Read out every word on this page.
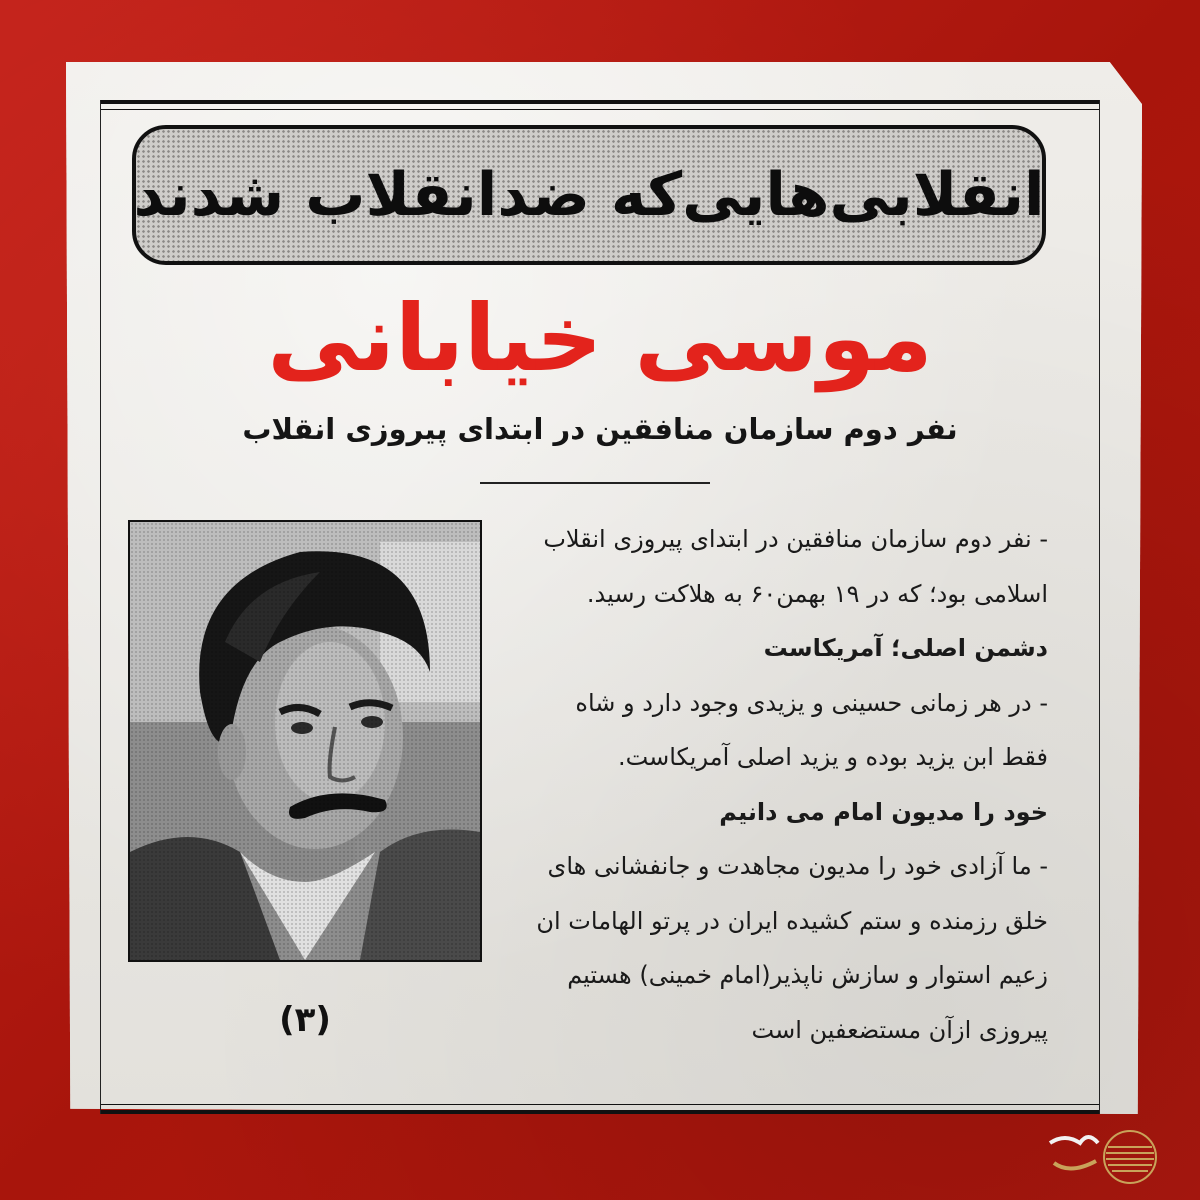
انقلابی‌هایی‌که ضدانقلاب شدند
موسی خیابانی
نفر دوم سازمان منافقین در ابتدای پیروزی انقلاب
- نفر دوم سازمان منافقین در ابتدای پیروزی انقلاب
اسلامی بود؛ که در ۱۹ بهمن۶۰ به هلاکت رسید.
دشمن اصلی؛ آمریکاست
- در هر زمانی حسینی و یزیدی وجود دارد و شاه
فقط ابن یزید بوده و یزید اصلی آمریکاست.
خود را مدیون امام می دانیم
- ما آزادی خود را مدیون مجاهدت و جانفشانی های
خلق رزمنده و ستم کشیده ایران در پرتو الهامات ان
زعیم استوار و سازش ناپذیر(امام خمینی) هستیم
پیروزی ازآن مستضعفین است
(۳)
